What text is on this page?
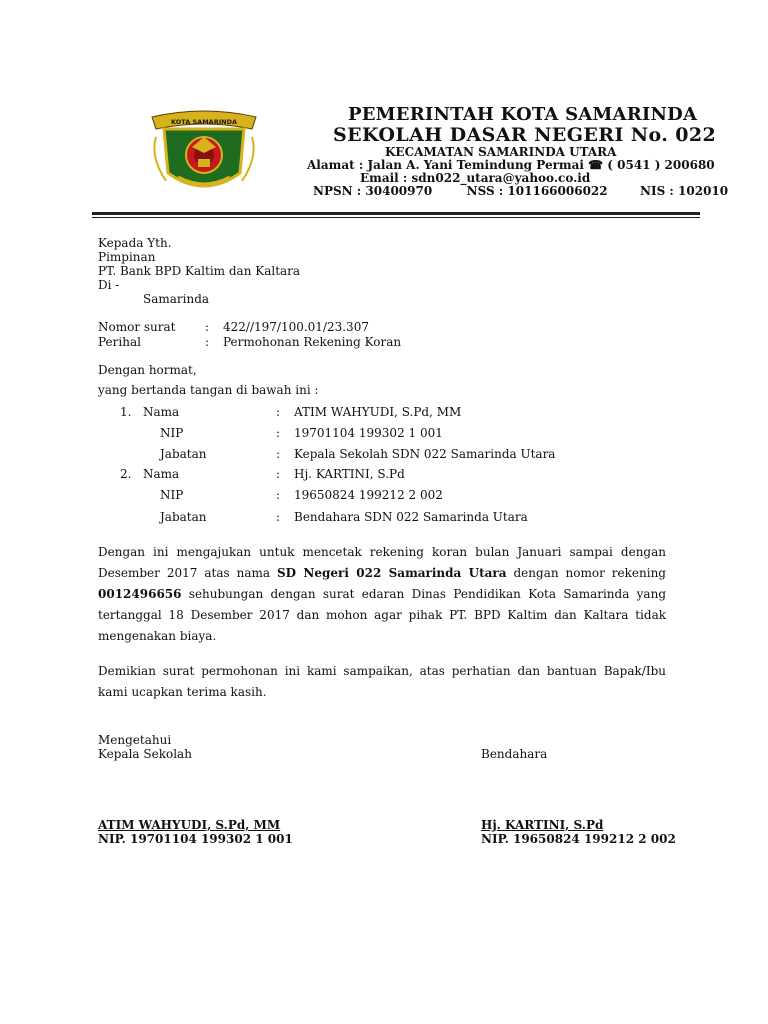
KOTA SAMARINDA	PEMERINTAH KOTA SAMARINDA
SEKOLAH DASAR NEGERI No. 022
KECAMATAN SAMARINDA UTARA
Alamat : Jalan A. Yani Temindung Permai ☎ ( 0541 ) 200680
Email : sdn022_utara@yahoo.co.id
NPSN : 30400970	NSS : 101166006022	NIS : 102010
Kepada Yth.
Pimpinan
PT. Bank BPD Kaltim dan Kaltara
Di -
Samarinda
Nomor surat : 422//197/100.01/23.307
Perihal	: Permohonan Rekening Koran
Dengan hormat,
yang bertanda tangan di bawah ini :
1. Nama	: ATIM WAHYUDI, S.Pd, MM
NIP	: 19701104 199302 1 001
Jabatan	: Kepala Sekolah SDN 022 Samarinda Utara
2. Nama	: Hj. KARTINI, S.Pd
NIP	: 19650824 199212 2 002
Jabatan	: Bendahara SDN 022 Samarinda Utara
Dengan ini mengajukan untuk mencetak rekening koran bulan Januari sampai dengan Desember 2017 atas nama SD Negeri 022 Samarinda Utara dengan nomor rekening 0012496656 sehubungan dengan surat edaran Dinas Pendidikan Kota Samarinda yang tertanggal 18 Desember 2017 dan mohon agar pihak PT. BPD Kaltim dan Kaltara tidak mengenakan biaya.
Demikian surat permohonan ini kami sampaikan, atas perhatian dan bantuan Bapak/Ibu kami ucapkan terima kasih.
Mengetahui
Kepala Sekolah	Bendahara
ATIM WAHYUDI, S.Pd, MM
NIP. 19701104 199302 1 001
Hj. KARTINI, S.Pd
NIP. 19650824 199212 2 002
